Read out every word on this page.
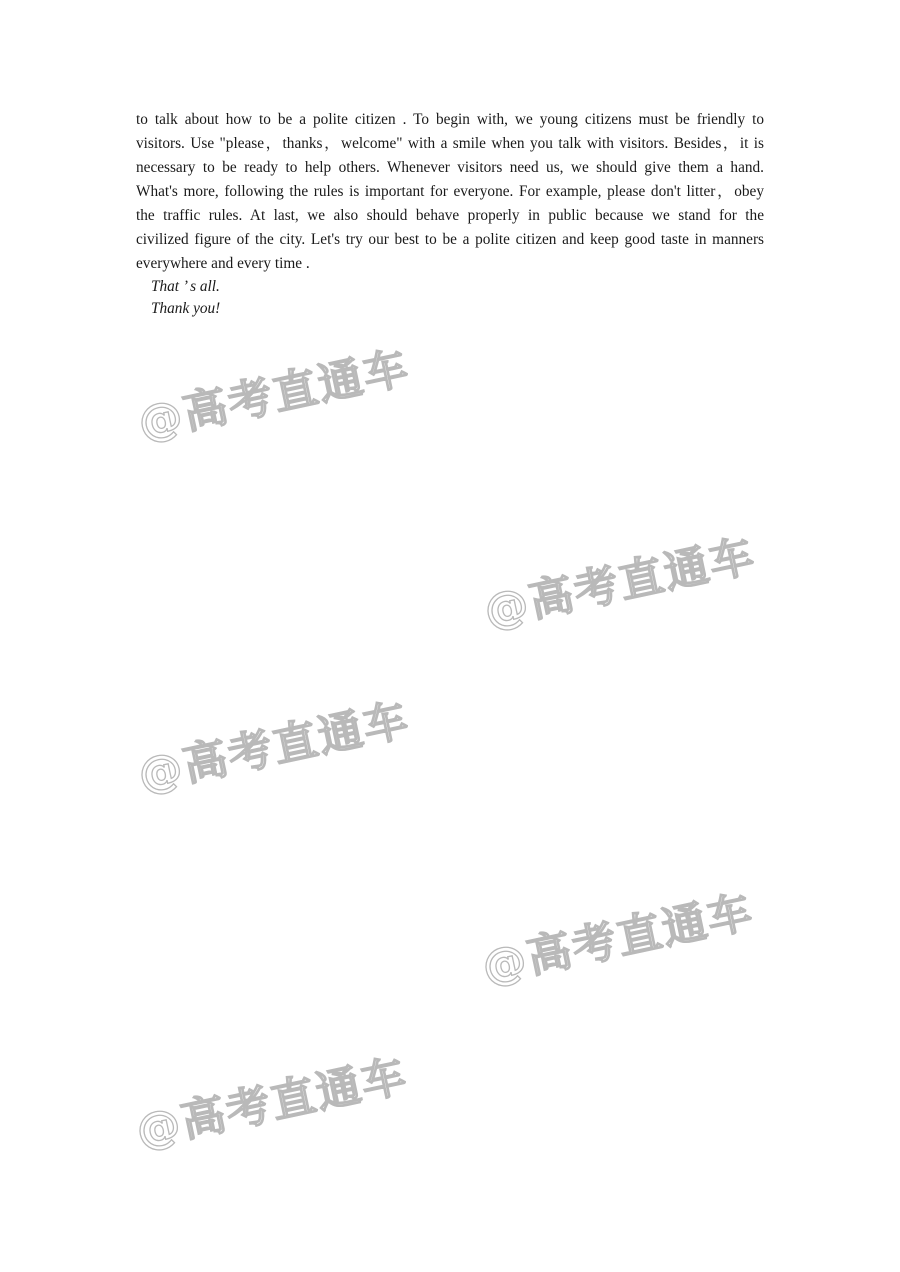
to talk about how to be a polite citizen . To begin with, we young citizens must be friendly to
visitors. Use "please，thanks，welcome" with a smile when you talk with visitors. Besides，it is
necessary to be ready to help others. Whenever visitors need us, we should give them a hand.
What's more, following the rules is important for everyone. For example, please don't litter，obey
the traffic rules. At last, we also should behave properly in public because we stand for the
civilized figure of the city. Let's try our best to be a polite citizen and keep good taste in manners
everywhere and every time .
That ’ s all.
Thank you!
@高考直通车
@高考直通车
@高考直通车
@高考直通车
@高考直通车
